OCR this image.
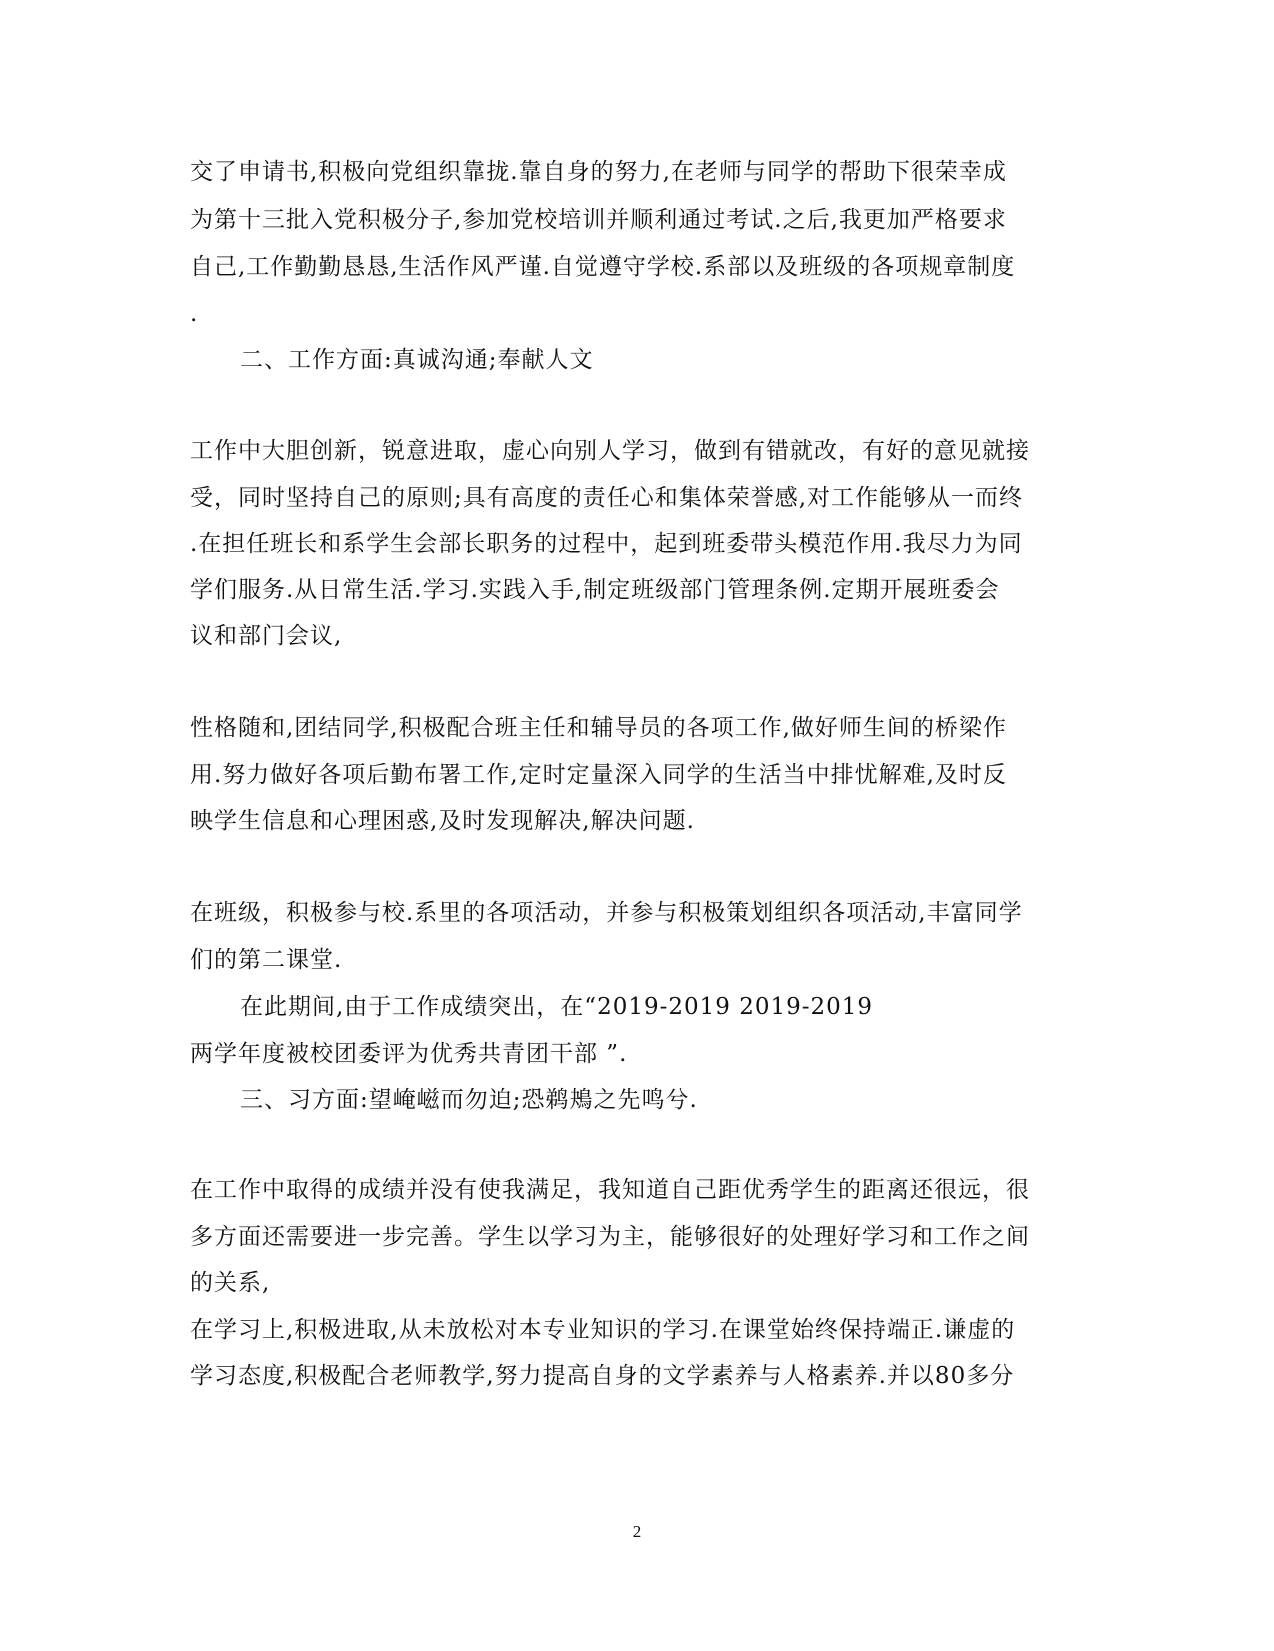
交了申请书,积极向党组织靠拢.靠自身的努力,在老师与同学的帮助下很荣幸成
为第十三批入党积极分子,参加党校培训并顺利通过考试.之后,我更加严格要求
自己,工作勤勤恳恳,生活作风严谨.自觉遵守学校.系部以及班级的各项规章制度
.
二、工作方面:真诚沟通;奉献人文
工作中大胆创新，锐意进取，虚心向别人学习，做到有错就改，有好的意见就接
受，同时坚持自己的原则;具有高度的责任心和集体荣誉感,对工作能够从一而终
.在担任班长和系学生会部长职务的过程中，起到班委带头模范作用.我尽力为同
学们服务.从日常生活.学习.实践入手,制定班级部门管理条例.定期开展班委会
议和部门会议,
性格随和,团结同学,积极配合班主任和辅导员的各项工作,做好师生间的桥梁作
用.努力做好各项后勤布署工作,定时定量深入同学的生活当中排忧解难,及时反
映学生信息和心理困惑,及时发现解决,解决问题.
在班级，积极参与校.系里的各项活动，并参与积极策划组织各项活动,丰富同学
们的第二课堂.
在此期间,由于工作成绩突出，在“2019-2019 2019-2019
两学年度被校团委评为优秀共青团干部 ”.
三、习方面:望崦嵫而勿迫;恐鹈鴂之先鸣兮.
在工作中取得的成绩并没有使我满足，我知道自己距优秀学生的距离还很远，很
多方面还需要进一步完善。学生以学习为主，能够很好的处理好学习和工作之间
的关系,
在学习上,积极进取,从未放松对本专业知识的学习.在课堂始终保持端正.谦虚的
学习态度,积极配合老师教学,努力提高自身的文学素养与人格素养.并以80多分
2
